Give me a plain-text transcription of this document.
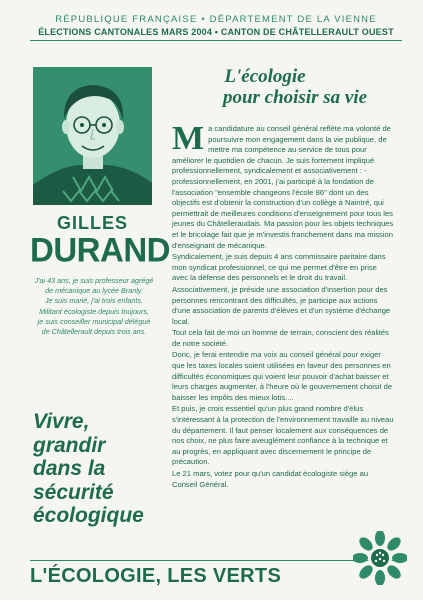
RÉPUBLIQUE FRANÇAISE • DÉPARTEMENT DE LA VIENNE
ÉLECTIONS CANTONALES MARS 2004 • CANTON DE CHÂTELLERAULT OUEST
GILLES
DURAND
J'ai 43 ans, je suis professeur agrégé
de mécanique au lycée Branly.
Je suis marié, j'ai trois enfants.
Militant écologiste depuis toujours,
je suis conseiller municipal délégué
de Châtellerault depuis trois ans.
L'écologie
pour choisir sa vie

Ma candidature au conseil général reflète ma volonté de poursuivre mon engagement dans la vie publique, de mettre ma compétence au service de tous pour améliorer le quotidien de chacun. Je suis fortement impliqué professionnellement, syndicalement et associativement : - professionnellement, en 2001, j'ai participé à la fondation de l'association "ensemble changeons l'école 86" dont un des objectifs est d'obtenir la construction d'un collège à Naintré, qui permettrait de meilleures conditions d'enseignement pour tous les jeunes du Châtelleraudais. Ma passion pour les objets techniques et le bricolage fait que je m'investis franchement dans ma mission d'enseignant de mécanique.

Syndicalement, je suis depuis 4 ans commissaire paritaire dans mon syndicat professionnel, ce qui me permet d'être en prise avec la défense des personnels et le droit du travail.

Associativement, je préside une association d'insertion pour des personnes rencontrant des difficultés, je participe aux actions d'une association de parents d'élèves et d'un système d'échange local.

Tout cela fait de moi un homme de terrain, conscient des réalités de notre société.

Donc, je ferai entendre ma voix au conseil général pour exiger que les taxes locales soient utilisées en faveur des personnes en difficultés économiques qui voient leur pouvoir d'achat baisser et leurs charges augmenter, à l'heure où le gouvernement choisit de baisser les impôts des mieux lotis....

Et puis, je crois essentiel qu'un plus grand nombre d'élus s'intéressant à la protection de l'environnement travaille au niveau du département. Il faut penser localement aux conséquences de nos choix, ne plus faire aveuglément confiance à la technique et au progrès, en appliquant avec discernement le principe de précaution.

Le 21 mars, votez pour qu'un candidat écologiste siège au Conseil Général.

Vivre,
grandir
dans la
sécurité
écologique
L'ÉCOLOGIE, LES VERTS
